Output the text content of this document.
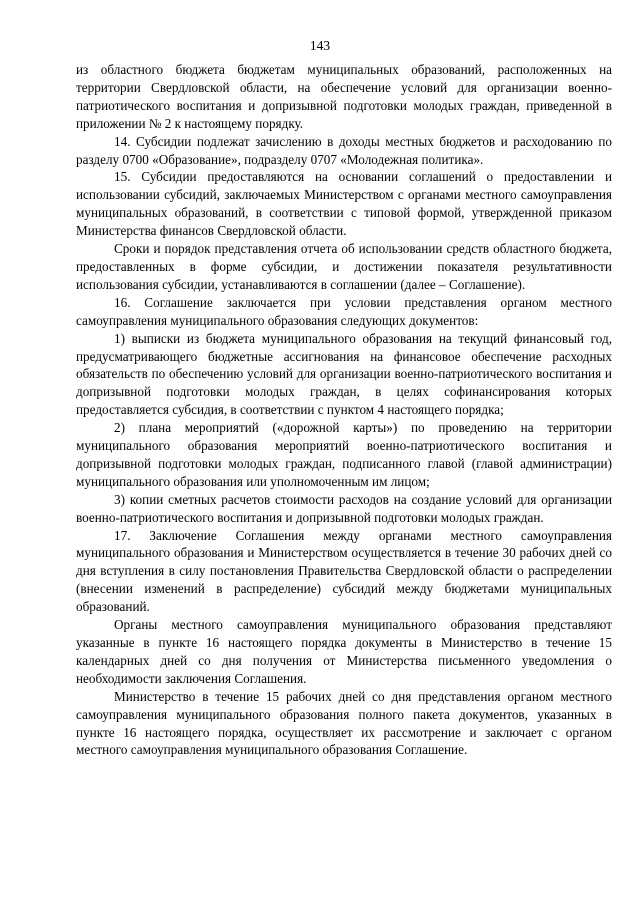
143

из областного бюджета бюджетам муниципальных образований, расположенных на территории Свердловской области, на обеспечение условий для организации военно-патриотического воспитания и допризывной подготовки молодых граждан, приведенной в приложении № 2 к настоящему порядку.

14. Субсидии подлежат зачислению в доходы местных бюджетов и расходованию по разделу 0700 «Образование», подразделу 0707 «Молодежная политика».

15. Субсидии предоставляются на основании соглашений о предоставлении и использовании субсидий, заключаемых Министерством с органами местного самоуправления муниципальных образований, в соответствии с типовой формой, утвержденной приказом Министерства финансов Свердловской области.

Сроки и порядок представления отчета об использовании средств областного бюджета, предоставленных в форме субсидии, и достижении показателя результативности использования субсидии, устанавливаются в соглашении (далее – Соглашение).

16. Соглашение заключается при условии представления органом местного самоуправления муниципального образования следующих документов:

1) выписки из бюджета муниципального образования на текущий финансовый год, предусматривающего бюджетные ассигнования на финансовое обеспечение расходных обязательств по обеспечению условий для организации военно-патриотического воспитания и допризывной подготовки молодых граждан, в целях софинансирования которых предоставляется субсидия, в соответствии с пунктом 4 настоящего порядка;

2) плана мероприятий («дорожной карты») по проведению на территории муниципального образования мероприятий военно-патриотического воспитания и допризывной подготовки молодых граждан, подписанного главой (главой администрации) муниципального образования или уполномоченным им лицом;

3) копии сметных расчетов стоимости расходов на создание условий для организации военно-патриотического воспитания и допризывной подготовки молодых граждан.

17. Заключение Соглашения между органами местного самоуправления муниципального образования и Министерством осуществляется в течение 30 рабочих дней со дня вступления в силу постановления Правительства Свердловской области о распределении (внесении изменений в распределение) субсидий между бюджетами муниципальных образований.

Органы местного самоуправления муниципального образования представляют указанные в пункте 16 настоящего порядка документы в Министерство в течение 15 календарных дней со дня получения от Министерства письменного уведомления о необходимости заключения Соглашения.

Министерство в течение 15 рабочих дней со дня представления органом местного самоуправления муниципального образования полного пакета документов, указанных в пункте 16 настоящего порядка, осуществляет их рассмотрение и заключает с органом местного самоуправления муниципального образования Соглашение.
